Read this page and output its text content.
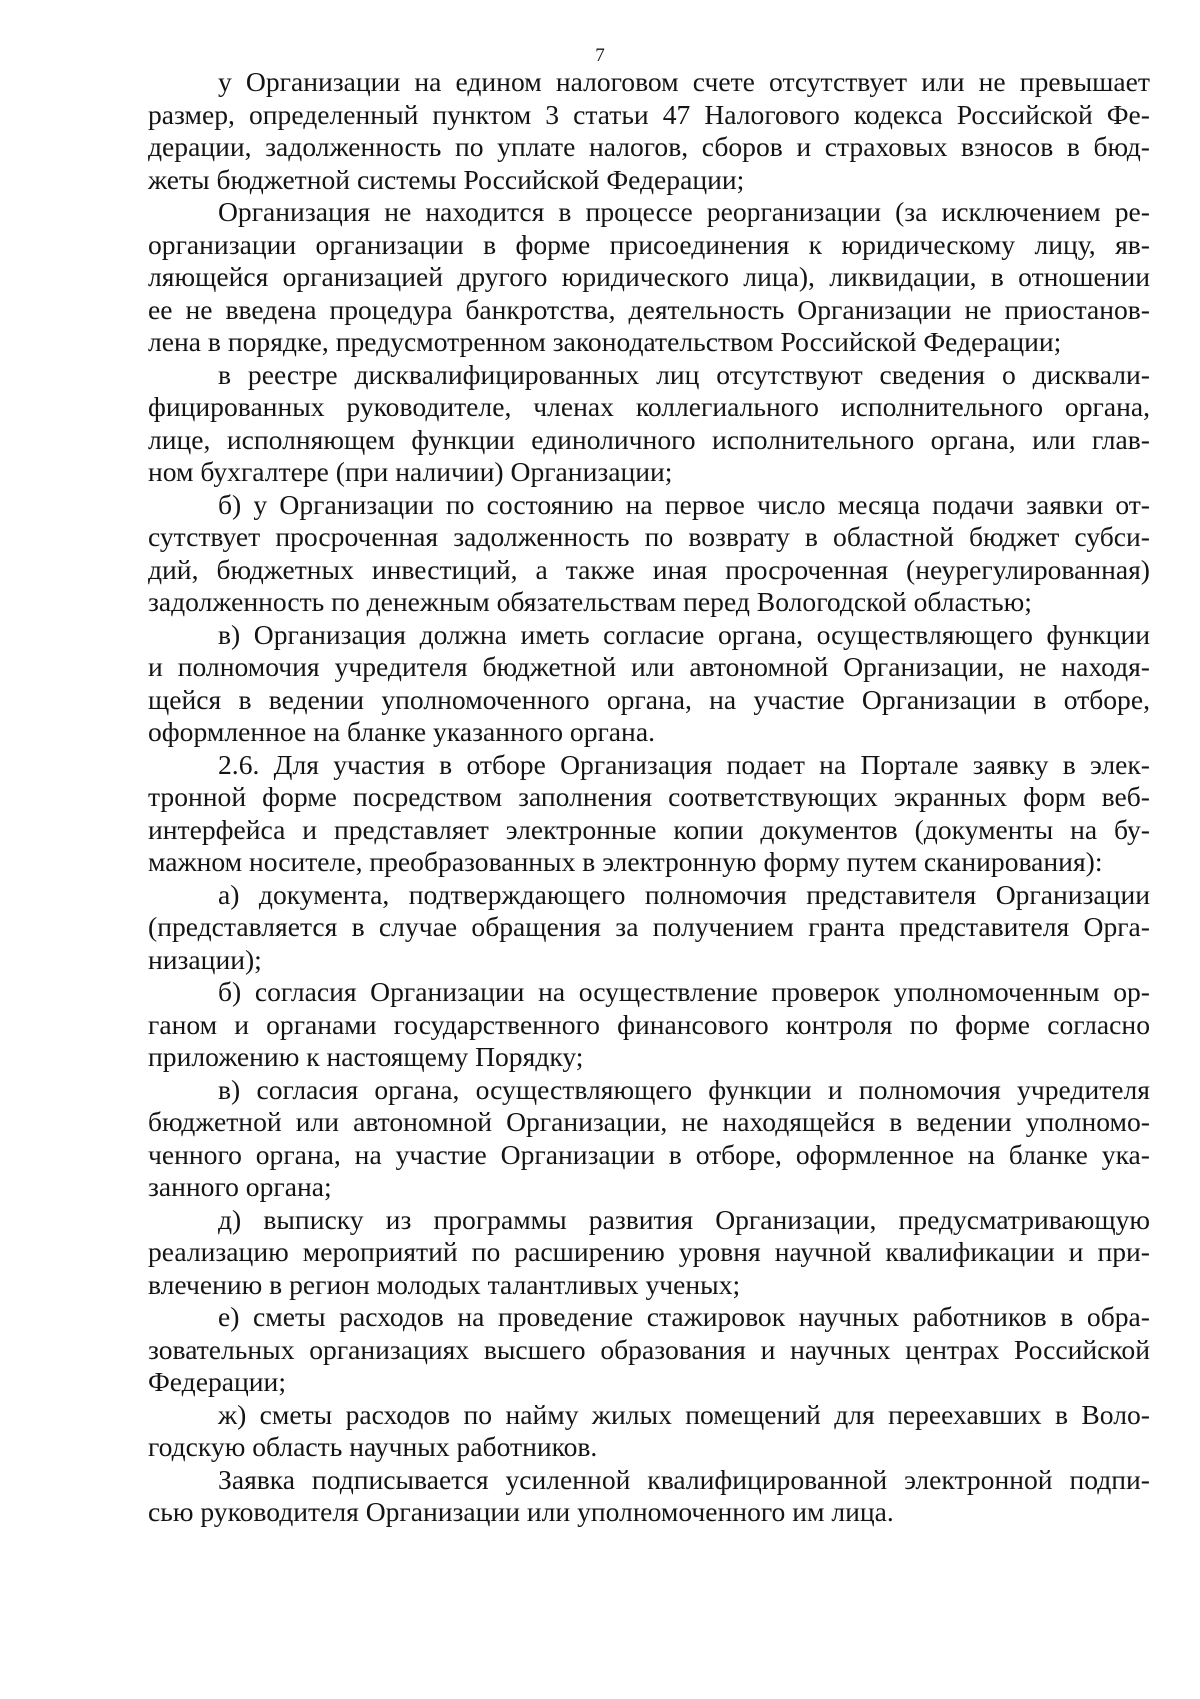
7
у Организации на едином налоговом счете отсутствует или не превышает
размер, определенный пунктом 3 статьи 47 Налогового кодекса Российской Фе-
дерации, задолженность по уплате налогов, сборов и страховых взносов в бюд-
жеты бюджетной системы Российской Федерации;
Организация не находится в процессе реорганизации (за исключением ре-
организации организации в форме присоединения к юридическому лицу, яв-
ляющейся организацией другого юридического лица), ликвидации, в отношении
ее не введена процедура банкротства, деятельность Организации не приостанов-
лена в порядке, предусмотренном законодательством Российской Федерации;
в реестре дисквалифицированных лиц отсутствуют сведения о дисквали-
фицированных руководителе, членах коллегиального исполнительного органа,
лице, исполняющем функции единоличного исполнительного органа, или глав-
ном бухгалтере (при наличии) Организации;
б) у Организации по состоянию на первое число месяца подачи заявки от-
сутствует просроченная задолженность по возврату в областной бюджет субси-
дий, бюджетных инвестиций, а также иная просроченная (неурегулированная)
задолженность по денежным обязательствам перед Вологодской областью;
в) Организация должна иметь согласие органа, осуществляющего функции
и полномочия учредителя бюджетной или автономной Организации, не находя-
щейся в ведении уполномоченного органа, на участие Организации в отборе,
оформленное на бланке указанного органа.
2.6. Для участия в отборе Организация подает на Портале заявку в элек-
тронной форме посредством заполнения соответствующих экранных форм веб-
интерфейса и представляет электронные копии документов (документы на бу-
мажном носителе, преобразованных в электронную форму путем сканирования):
а) документа, подтверждающего полномочия представителя Организации
(представляется в случае обращения за получением гранта представителя Орга-
низации);
б) согласия Организации на осуществление проверок уполномоченным ор-
ганом и органами государственного финансового контроля по форме согласно
приложению к настоящему Порядку;
в) согласия органа, осуществляющего функции и полномочия учредителя
бюджетной или автономной Организации, не находящейся в ведении уполномо-
ченного органа, на участие Организации в отборе, оформленное на бланке ука-
занного органа;
д) выписку из программы развития Организации, предусматривающую
реализацию мероприятий по расширению уровня научной квалификации и при-
влечению в регион молодых талантливых ученых;
е) сметы расходов на проведение стажировок научных работников в обра-
зовательных организациях высшего образования и научных центрах Российской
Федерации;
ж) сметы расходов по найму жилых помещений для переехавших в Воло-
годскую область научных работников.
Заявка подписывается усиленной квалифицированной электронной подпи-
сью руководителя Организации или уполномоченного им лица.
